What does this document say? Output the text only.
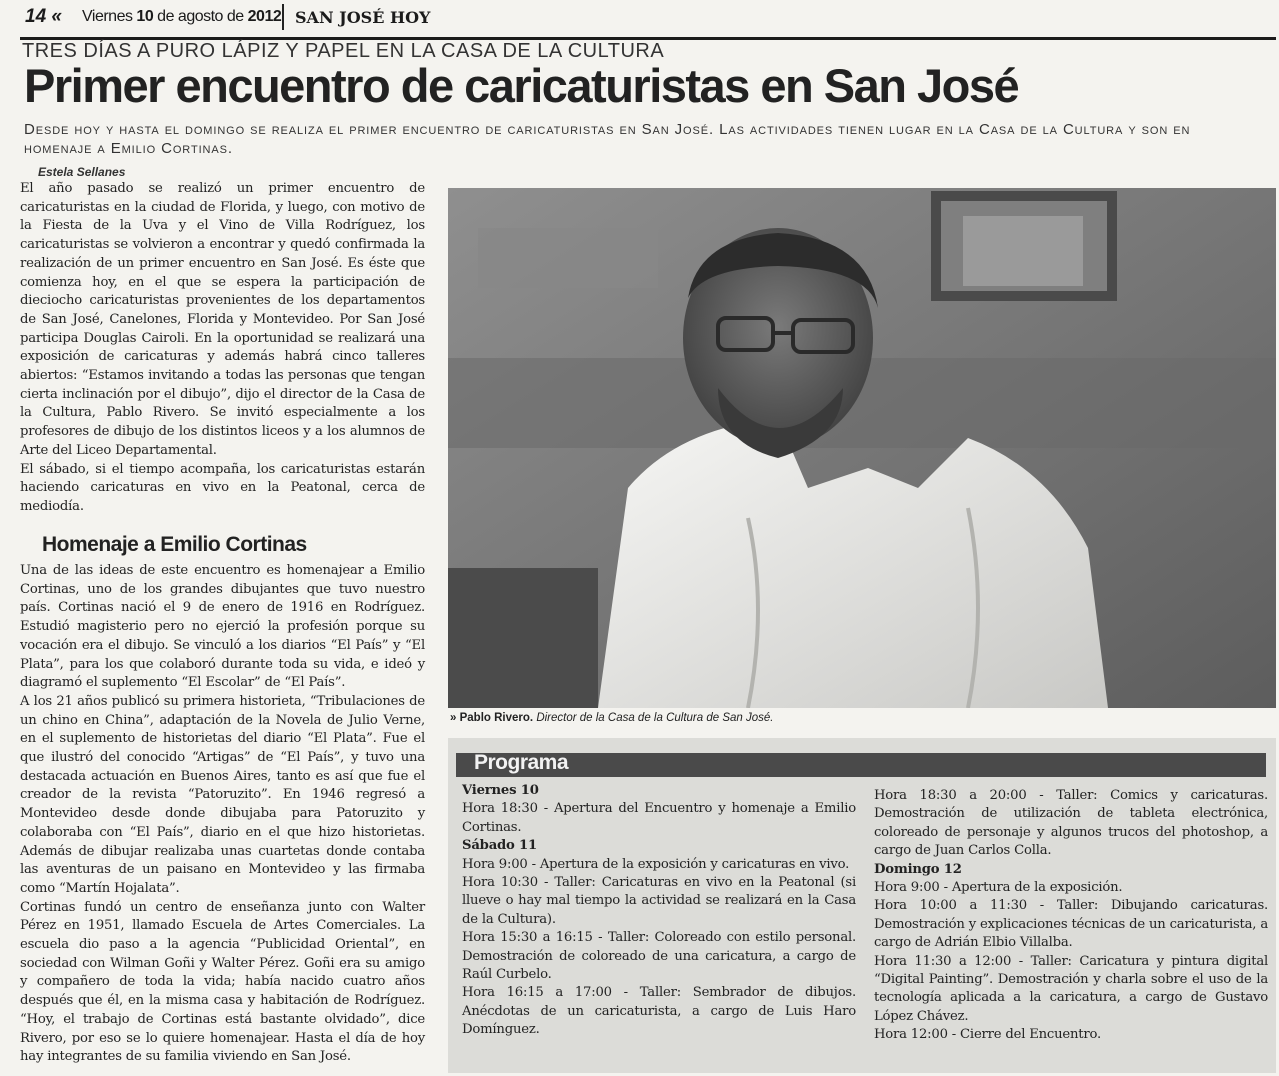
14 « Viernes 10 de agosto de 2012 SAN JOSÉ HOY
TRES DÍAS A PURO LÁPIZ Y PAPEL EN LA CASA DE LA CULTURA
Primer encuentro de caricaturistas en San José
Desde hoy y hasta el domingo se realiza el primer encuentro de caricaturistas en San José. Las actividades tienen lugar en la Casa de la Cultura y son en homenaje a Emilio Cortinas.
Estela Sellanes

El año pasado se realizó un primer encuentro de caricaturistas en la ciudad de Florida, y luego, con motivo de la Fiesta de la Uva y el Vino de Villa Rodríguez, los caricaturistas se volvieron a encontrar y quedó confirmada la realización de un primer encuentro en San José. Es éste que comienza hoy, en el que se espera la participación de dieciocho caricaturistas provenientes de los departamentos de San José, Canelones, Florida y Montevideo. Por San José participa Douglas Cairoli. En la oportunidad se realizará una exposición de caricaturas y además habrá cinco talleres abiertos: “Estamos invitando a todas las personas que tengan cierta inclinación por el dibujo”, dijo el director de la Casa de la Cultura, Pablo Rivero. Se invitó especialmente a los profesores de dibujo de los distintos liceos y a los alumnos de Arte del Liceo Departamental.

El sábado, si el tiempo acompaña, los caricaturistas estarán haciendo caricaturas en vivo en la Peatonal, cerca de mediodía.

Homenaje a Emilio Cortinas

Una de las ideas de este encuentro es homenajear a Emilio Cortinas, uno de los grandes dibujantes que tuvo nuestro país. Cortinas nació el 9 de enero de 1916 en Rodríguez. Estudió magisterio pero no ejerció la profesión porque su vocación era el dibujo. Se vinculó a los diarios “El País” y “El Plata”, para los que colaboró durante toda su vida, e ideó y diagramó el suplemento “El Escolar” de “El País”.

A los 21 años publicó su primera historieta, “Tribulaciones de un chino en China”, adaptación de la Novela de Julio Verne, en el suplemento de historietas del diario “El Plata”. Fue el que ilustró del conocido “Artigas” de “El País”, y tuvo una destacada actuación en Buenos Aires, tanto es así que fue el creador de la revista “Patoruzito”. En 1946 regresó a Montevideo desde donde dibujaba para Patoruzito y colaboraba con “El País”, diario en el que hizo historietas. Además de dibujar realizaba unas cuartetas donde contaba las aventuras de un paisano en Montevideo y las firmaba como “Martín Hojalata”.

Cortinas fundó un centro de enseñanza junto con Walter Pérez en 1951, llamado Escuela de Artes Comerciales. La escuela dio paso a la agencia “Publicidad Oriental”, en sociedad con Wilman Goñi y Walter Pérez. Goñi era su amigo y compañero de toda la vida; había nacido cuatro años después que él, en la misma casa y habitación de Rodríguez. “Hoy, el trabajo de Cortinas está bastante olvidado”, dice Rivero, por eso se lo quiere homenajear. Hasta el día de hoy hay integrantes de su familia viviendo en San José.

» Pablo Rivero. Director de la Casa de la Cultura de San José.
Programa
Viernes 10
Hora 18:30 - Apertura del Encuentro y homenaje a Emilio Cortinas.
Sábado 11
Hora 9:00 - Apertura de la exposición y caricaturas en vivo.
Hora 10:30 - Taller: Caricaturas en vivo en la Peatonal (si llueve o hay mal tiempo la actividad se realizará en la Casa de la Cultura).
Hora 15:30 a 16:15 - Taller: Coloreado con estilo personal. Demostración de coloreado de una caricatura, a cargo de Raúl Curbelo.
Hora 16:15 a 17:00 - Taller: Sembrador de dibujos. Anécdotas de un caricaturista, a cargo de Luis Haro Domínguez.
Hora 18:30 a 20:00 - Taller: Comics y caricaturas. Demostración de utilización de tableta electrónica, coloreado de personaje y algunos trucos del photoshop, a cargo de Juan Carlos Colla.
Domingo 12
Hora 9:00 - Apertura de la exposición.
Hora 10:00 a 11:30 - Taller: Dibujando caricaturas. Demostración y explicaciones técnicas de un caricaturista, a cargo de Adrián Elbio Villalba.
Hora 11:30 a 12:00 - Taller: Caricatura y pintura digital “Digital Painting”. Demostración y charla sobre el uso de la tecnología aplicada a la caricatura, a cargo de Gustavo López Chávez.
Hora 12:00 - Cierre del Encuentro.
